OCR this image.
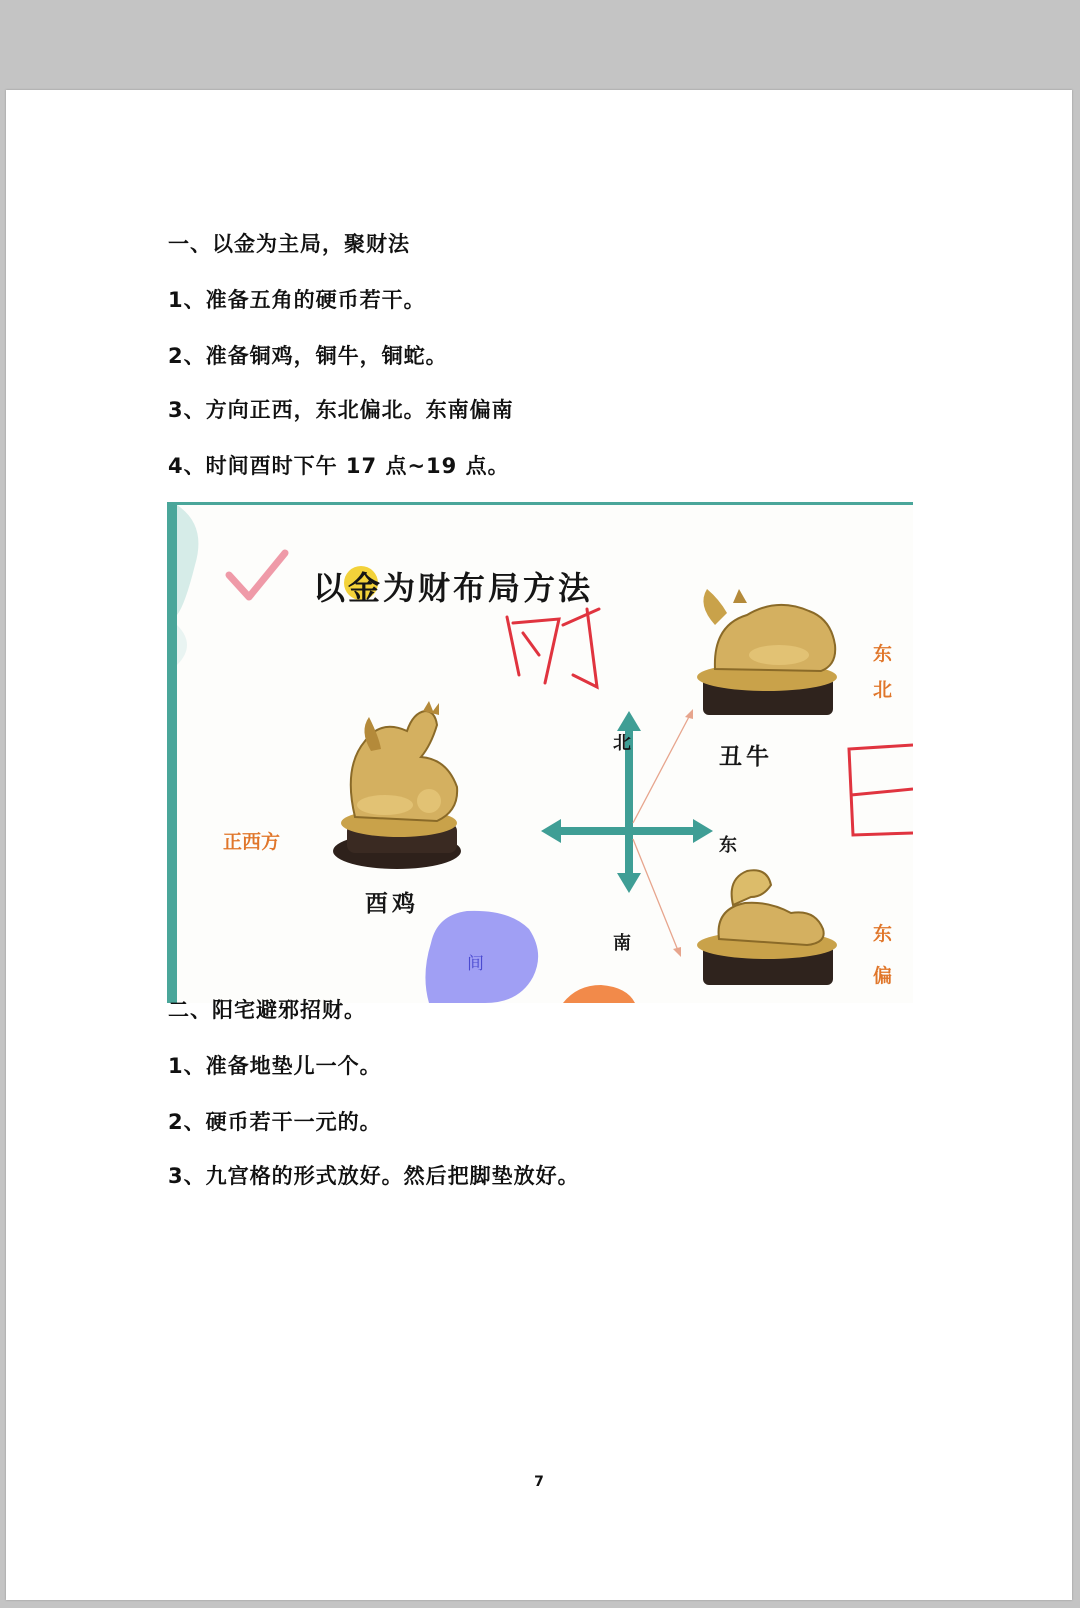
一、以金为主局，聚财法
1、准备五角的硬币若干。
2、准备铜鸡，铜牛，铜蛇。
3、方向正西，东北偏北。东南偏南
4、时间酉时下午 17 点~19 点。
以金为财布局方法
正西方
酉鸡
丑牛
北
东
南
东
北
东
偏
间
二、阳宅避邪招财。
1、准备地垫儿一个。
2、硬币若干一元的。
3、九宫格的形式放好。然后把脚垫放好。
7
